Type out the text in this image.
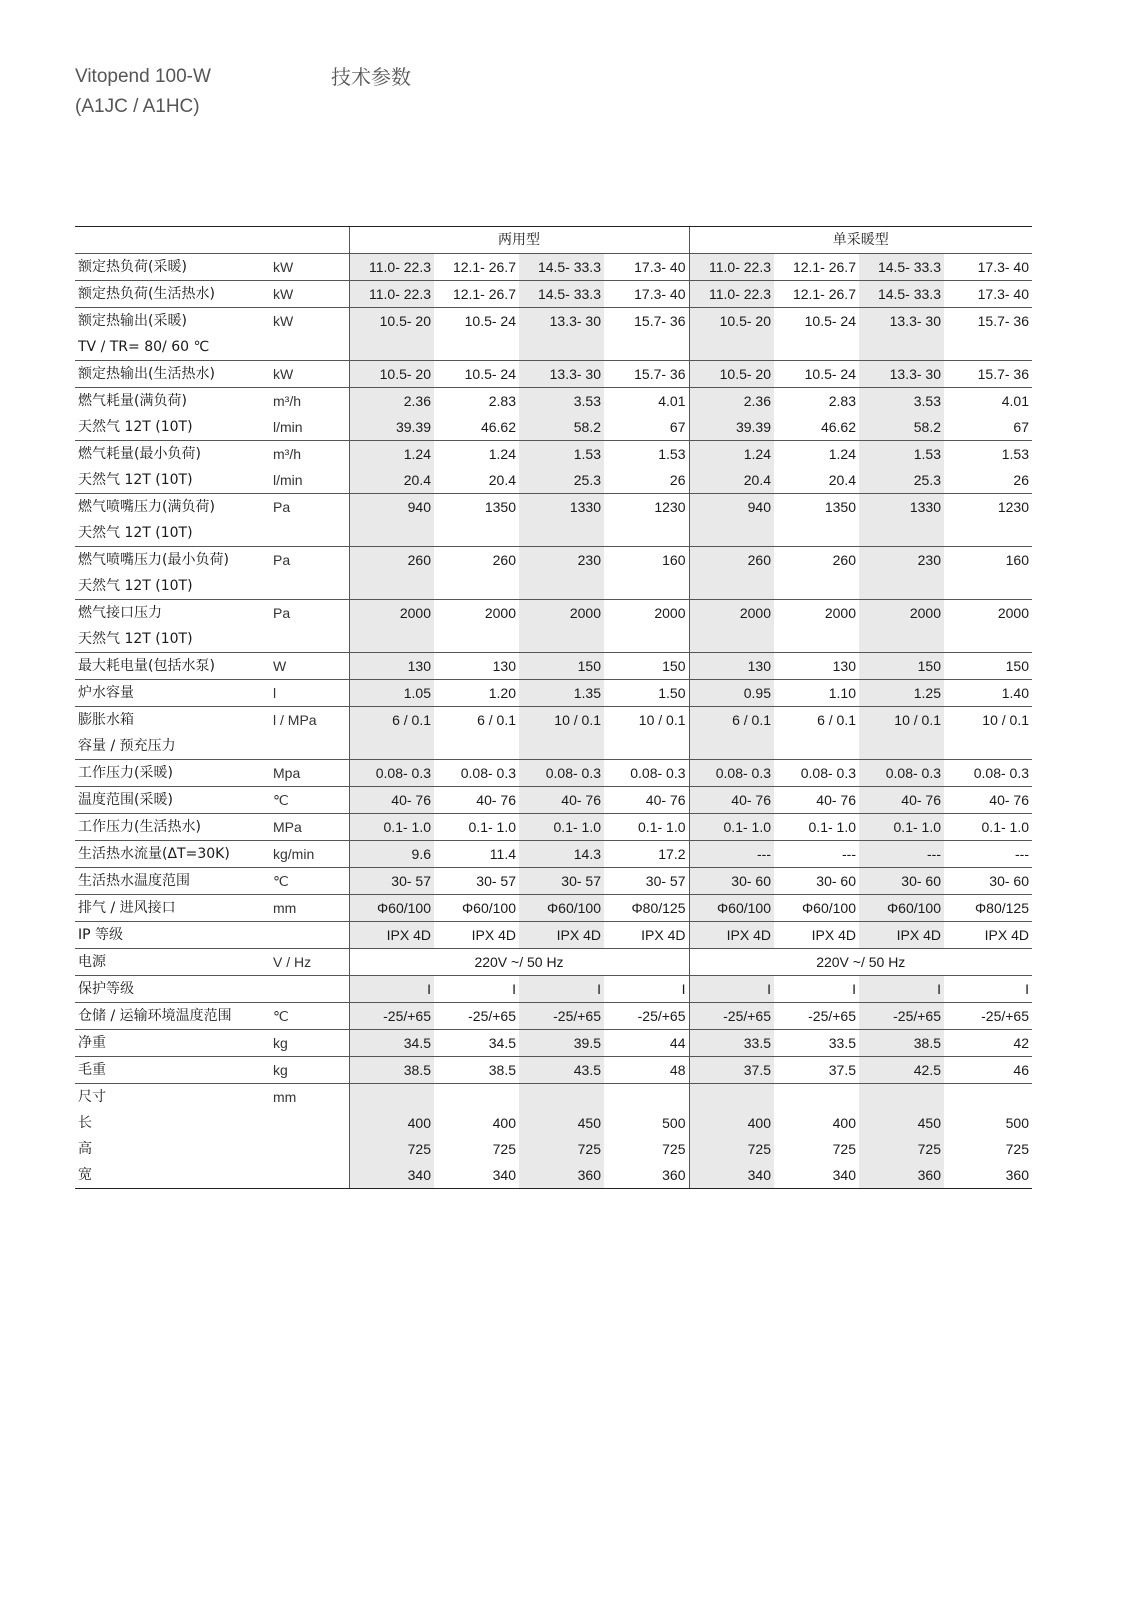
Vitopend 100-W
(A1JC / A1HC)
技术参数
		两用型				单采暖型			
额定热负荷(采暖)	kW	11.0- 22.3	12.1- 26.7	14.5- 33.3	17.3- 40	11.0- 22.3	12.1- 26.7	14.5- 33.3	17.3- 40
额定热负荷(生活热水)	kW	11.0- 22.3	12.1- 26.7	14.5- 33.3	17.3- 40	11.0- 22.3	12.1- 26.7	14.5- 33.3	17.3- 40
额定热输出(采暖)	kW	10.5- 20	10.5- 24	13.3- 30	15.7- 36	10.5- 20	10.5- 24	13.3- 30	15.7- 36
TV / TR= 80/ 60 ℃									
额定热输出(生活热水)	kW	10.5- 20	10.5- 24	13.3- 30	15.7- 36	10.5- 20	10.5- 24	13.3- 30	15.7- 36
燃气耗量(满负荷)	m³/h	2.36	2.83	3.53	4.01	2.36	2.83	3.53	4.01
天然气 12T (10T)	l/min	39.39	46.62	58.2	67	39.39	46.62	58.2	67
燃气耗量(最小负荷)	m³/h	1.24	1.24	1.53	1.53	1.24	1.24	1.53	1.53
天然气 12T (10T)	l/min	20.4	20.4	25.3	26	20.4	20.4	25.3	26
燃气喷嘴压力(满负荷)	Pa	940	1350	1330	1230	940	1350	1330	1230
天然气 12T (10T)									
燃气喷嘴压力(最小负荷)	Pa	260	260	230	160	260	260	230	160
天然气 12T (10T)									
燃气接口压力	Pa	2000	2000	2000	2000	2000	2000	2000	2000
天然气 12T (10T)									
最大耗电量(包括水泵)	W	130	130	150	150	130	130	150	150
炉水容量	l	1.05	1.20	1.35	1.50	0.95	1.10	1.25	1.40
膨胀水箱	l / MPa	6 / 0.1	6 / 0.1	10 / 0.1	10 / 0.1	6 / 0.1	6 / 0.1	10 / 0.1	10 / 0.1
容量 / 预充压力									
工作压力(采暖)	Mpa	0.08- 0.3	0.08- 0.3	0.08- 0.3	0.08- 0.3	0.08- 0.3	0.08- 0.3	0.08- 0.3	0.08- 0.3
温度范围(采暖)	℃	40- 76	40- 76	40- 76	40- 76	40- 76	40- 76	40- 76	40- 76
工作压力(生活热水)	MPa	0.1- 1.0	0.1- 1.0	0.1- 1.0	0.1- 1.0	0.1- 1.0	0.1- 1.0	0.1- 1.0	0.1- 1.0
生活热水流量(ΔT=30K)	kg/min	9.6	11.4	14.3	17.2	---	---	---	---
生活热水温度范围	℃	30- 57	30- 57	30- 57	30- 57	30- 60	30- 60	30- 60	30- 60
排气 / 进风接口	mm	Φ60/100	Φ60/100	Φ60/100	Φ80/125	Φ60/100	Φ60/100	Φ60/100	Φ80/125
IP 等级		IPX 4D	IPX 4D	IPX 4D	IPX 4D	IPX 4D	IPX 4D	IPX 4D	IPX 4D
电源	V / Hz	220V ~/ 50 Hz				220V ~/ 50 Hz			
保护等级		I	I	I	I	I	I	I	I
仓储 / 运输环境温度范围	℃	-25/+65	-25/+65	-25/+65	-25/+65	-25/+65	-25/+65	-25/+65	-25/+65
净重	kg	34.5	34.5	39.5	44	33.5	33.5	38.5	42
毛重	kg	38.5	38.5	43.5	48	37.5	37.5	42.5	46
尺寸	mm								
长		400	400	450	500	400	400	450	500
高		725	725	725	725	725	725	725	725
宽		340	340	360	360	340	340	360	360
